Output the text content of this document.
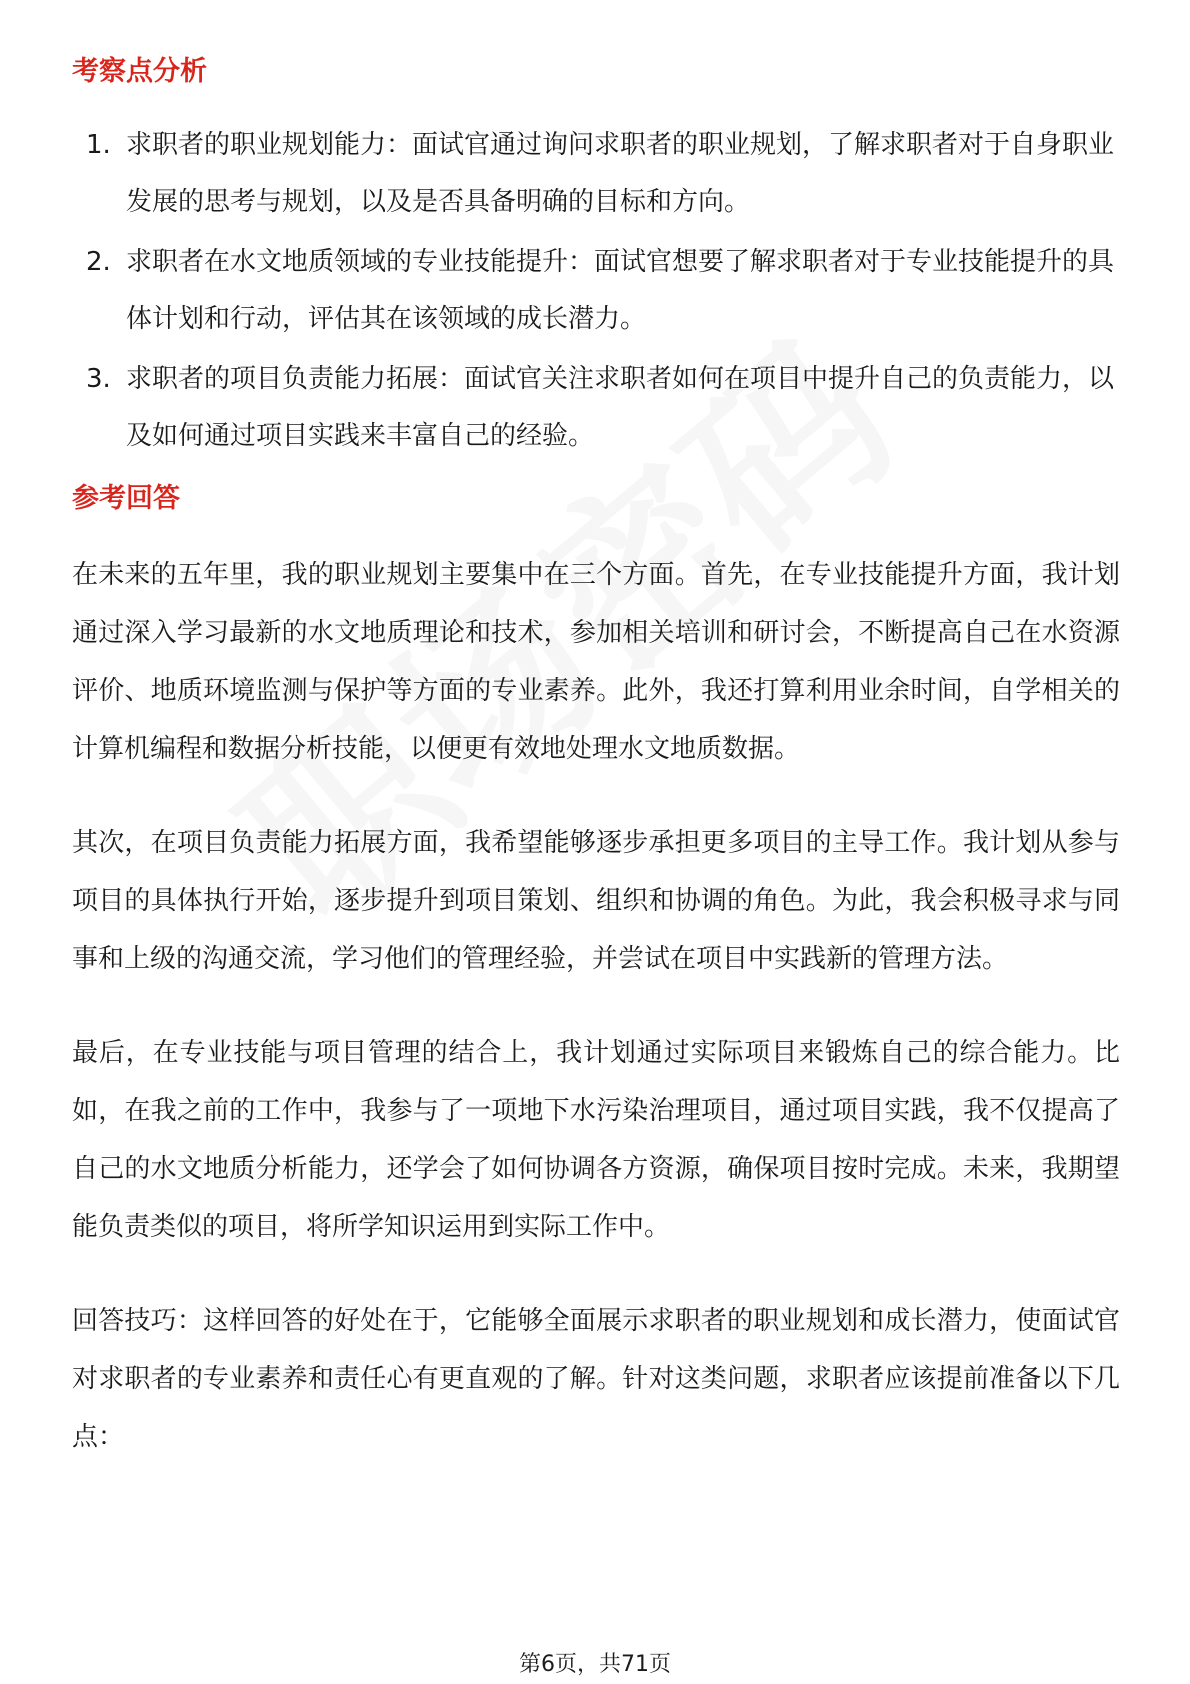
考察点分析
1. 求职者的职业规划能力：面试官通过询问求职者的职业规划，了解求职者对于自身职业发展的思考与规划，以及是否具备明确的目标和方向。
2. 求职者在水文地质领域的专业技能提升：面试官想要了解求职者对于专业技能提升的具体计划和行动，评估其在该领域的成长潜力。
3. 求职者的项目负责能力拓展：面试官关注求职者如何在项目中提升自己的负责能力，以及如何通过项目实践来丰富自己的经验。
参考回答

在未来的五年里，我的职业规划主要集中在三个方面。首先，在专业技能提升方面，我计划通过深入学习最新的水文地质理论和技术，参加相关培训和研讨会，不断提高自己在水资源评价、地质环境监测与保护等方面的专业素养。此外，我还打算利用业余时间，自学相关的计算机编程和数据分析技能，以便更有效地处理水文地质数据。

其次，在项目负责能力拓展方面，我希望能够逐步承担更多项目的主导工作。我计划从参与项目的具体执行开始，逐步提升到项目策划、组织和协调的角色。为此，我会积极寻求与同事和上级的沟通交流，学习他们的管理经验，并尝试在项目中实践新的管理方法。

最后，在专业技能与项目管理的结合上，我计划通过实际项目来锻炼自己的综合能力。比如，在我之前的工作中，我参与了一项地下水污染治理项目，通过项目实践，我不仅提高了自己的水文地质分析能力，还学会了如何协调各方资源，确保项目按时完成。未来，我期望能负责类似的项目，将所学知识运用到实际工作中。

回答技巧：这样回答的好处在于，它能够全面展示求职者的职业规划和成长潜力，使面试官对求职者的专业素养和责任心有更直观的了解。针对这类问题，求职者应该提前准备以下几点：

第6页，共71页
